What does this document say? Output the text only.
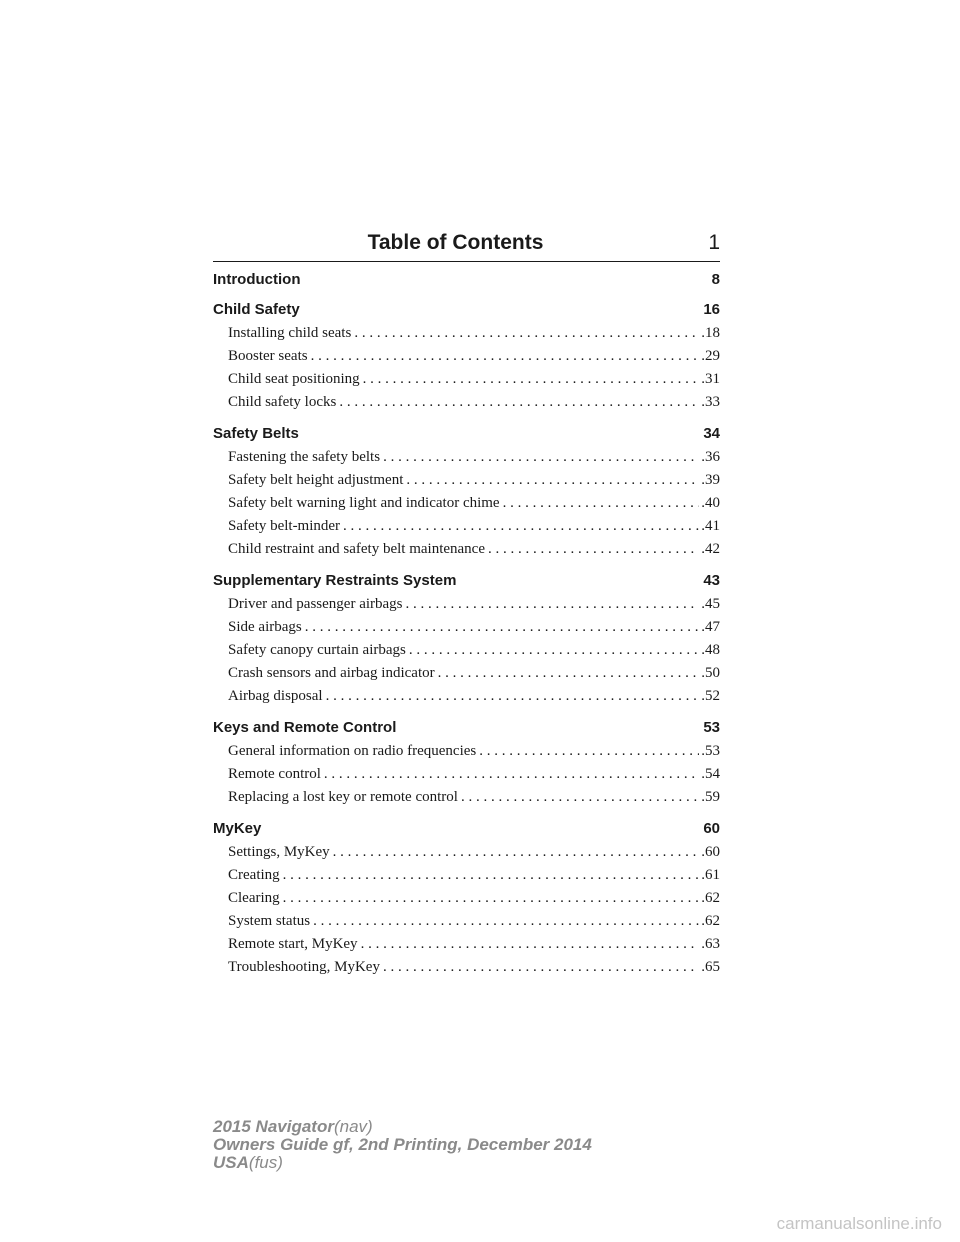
Table of Contents	1
Introduction	8
Child Safety	16
Installing child seats . . .	.18
Booster seats . . .	.29
Child seat positioning . . .	.31
Child safety locks . . .	.33
Safety Belts	34
Fastening the safety belts . . .	.36
Safety belt height adjustment . . .	.39
Safety belt warning light and indicator chime . . .	.40
Safety belt-minder . . .	.41
Child restraint and safety belt maintenance . . .	.42
Supplementary Restraints System	43
Driver and passenger airbags . . .	.45
Side airbags . . .	.47
Safety canopy curtain airbags . . .	.48
Crash sensors and airbag indicator . . .	.50
Airbag disposal . . .	.52
Keys and Remote Control	53
General information on radio frequencies . . .	.53
Remote control . . .	.54
Replacing a lost key or remote control . . .	.59
MyKey	60
Settings, MyKey . . .	.60
Creating . . .	.61
Clearing . . .	.62
System status . . .	.62
Remote start, MyKey . . .	.63
Troubleshooting, MyKey . . .	.65
2015 Navigator(nav)
Owners Guide gf, 2nd Printing, December 2014
USA(fus)
carmanualsonline.info
